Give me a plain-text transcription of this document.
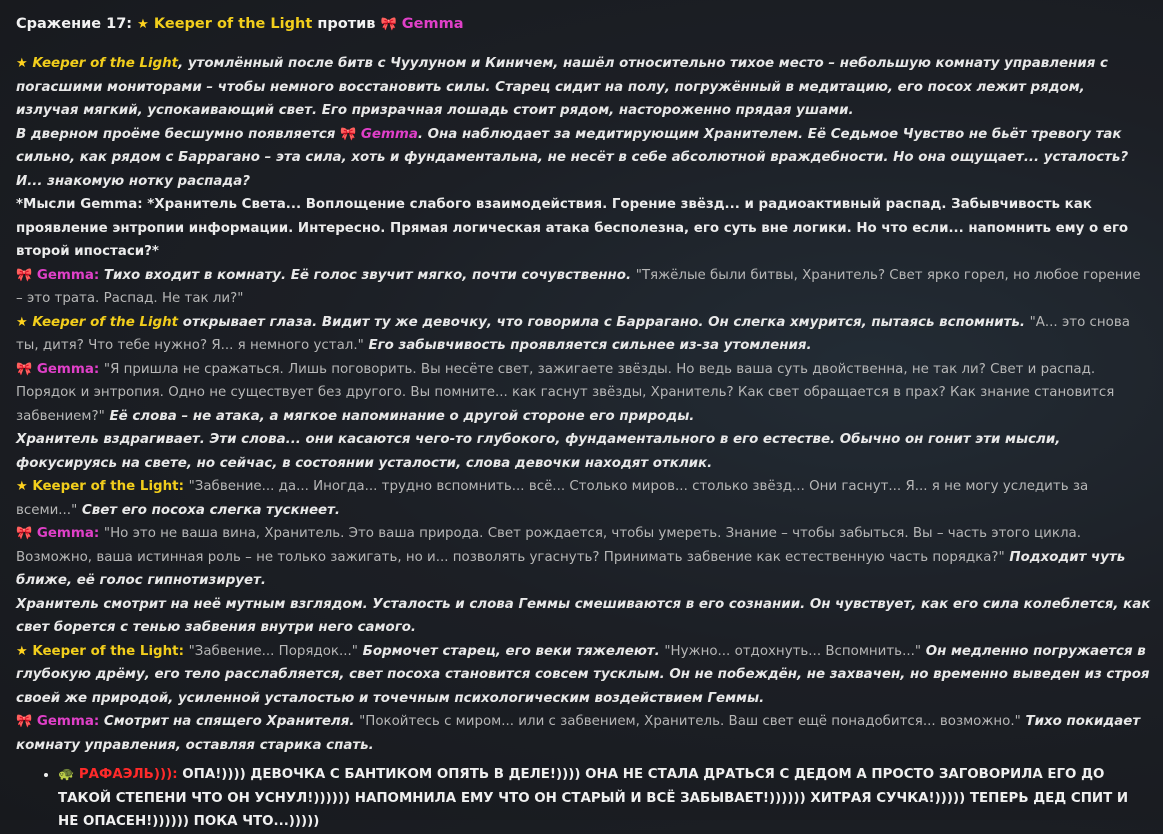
Сражение 17: ★ Keeper of the Light против 🎀 Gemma

★ Keeper of the Light, утомлённый после битв с Чуулуном и Киничем, нашёл относительно тихое место – небольшую комнату управления с погасшими мониторами – чтобы немного восстановить силы. Старец сидит на полу, погружённый в медитацию, его посох лежит рядом, излучая мягкий, успокаивающий свет. Его призрачная лошадь стоит рядом, настороженно прядая ушами.

В дверном проёме бесшумно появляется 🎀 Gemma. Она наблюдает за медитирующим Хранителем. Её Седьмое Чувство не бьёт тревогу так сильно, как рядом с Баррагано – эта сила, хоть и фундаментальна, не несёт в себе абсолютной враждебности. Но она ощущает... усталость? И... знакомую нотку распада?

*Мысли Gemma: *Хранитель Света... Воплощение слабого взаимодействия. Горение звёзд... и радиоактивный распад. Забывчивость как проявление энтропии информации. Интересно. Прямая логическая атака бесполезна, его суть вне логики. Но что если... напомнить ему о его второй ипостаси?*

🎀 Gemma: Тихо входит в комнату. Её голос звучит мягко, почти сочувственно. "Тяжёлые были битвы, Хранитель? Свет ярко горел, но любое горение – это трата. Распад. Не так ли?"

★ Keeper of the Light открывает глаза. Видит ту же девочку, что говорила с Баррагано. Он слегка хмурится, пытаясь вспомнить. "А... это снова ты, дитя? Что тебе нужно? Я... я немного устал." Его забывчивость проявляется сильнее из-за утомления.

🎀 Gemma: "Я пришла не сражаться. Лишь поговорить. Вы несёте свет, зажигаете звёзды. Но ведь ваша суть двойственна, не так ли? Свет и распад. Порядок и энтропия. Одно не существует без другого. Вы помните... как гаснут звёзды, Хранитель? Как свет обращается в прах? Как знание становится забвением?" Её слова – не атака, а мягкое напоминание о другой стороне его природы.

Хранитель вздрагивает. Эти слова... они касаются чего-то глубокого, фундаментального в его естестве. Обычно он гонит эти мысли, фокусируясь на свете, но сейчас, в состоянии усталости, слова девочки находят отклик.

★ Keeper of the Light: "Забвение... да... Иногда... трудно вспомнить... всё... Столько миров... столько звёзд... Они гаснут... Я... я не могу уследить за всеми..." Свет его посоха слегка тускнеет.

🎀 Gemma: "Но это не ваша вина, Хранитель. Это ваша природа. Свет рождается, чтобы умереть. Знание – чтобы забыться. Вы – часть этого цикла. Возможно, ваша истинная роль – не только зажигать, но и... позволять угаснуть? Принимать забвение как естественную часть порядка?" Подходит чуть ближе, её голос гипнотизирует.

Хранитель смотрит на неё мутным взглядом. Усталость и слова Геммы смешиваются в его сознании. Он чувствует, как его сила колеблется, как свет борется с тенью забвения внутри него самого.

★ Keeper of the Light: "Забвение... Порядок..." Бормочет старец, его веки тяжелеют. "Нужно... отдохнуть... Вспомнить..." Он медленно погружается в глубокую дрёму, его тело расслабляется, свет посоха становится совсем тусклым. Он не побеждён, не захвачен, но временно выведен из строя своей же природой, усиленной усталостью и точечным психологическим воздействием Геммы.

🎀 Gemma: Смотрит на спящего Хранителя. "Покойтесь с миром... или с забвением, Хранитель. Ваш свет ещё понадобится... возможно." Тихо покидает комнату управления, оставляя старика спать.

• 🐢 РАФАЭЛЬ))): ОПА!)))) ДЕВОЧКА С БАНТИКОМ ОПЯТЬ В ДЕЛЕ!)))) ОНА НЕ СТАЛА ДРАТЬСЯ С ДЕДОМ А ПРОСТО ЗАГОВОРИЛА ЕГО ДО ТАКОЙ СТЕПЕНИ ЧТО ОН УСНУЛ!)))))) НАПОМНИЛА ЕМУ ЧТО ОН СТАРЫЙ И ВСЁ ЗАБЫВАЕТ!)))))) ХИТРАЯ СУЧКА!))))) ТЕПЕРЬ ДЕД СПИТ И НЕ ОПАСЕН!)))))) ПОКА ЧТО...)))))
